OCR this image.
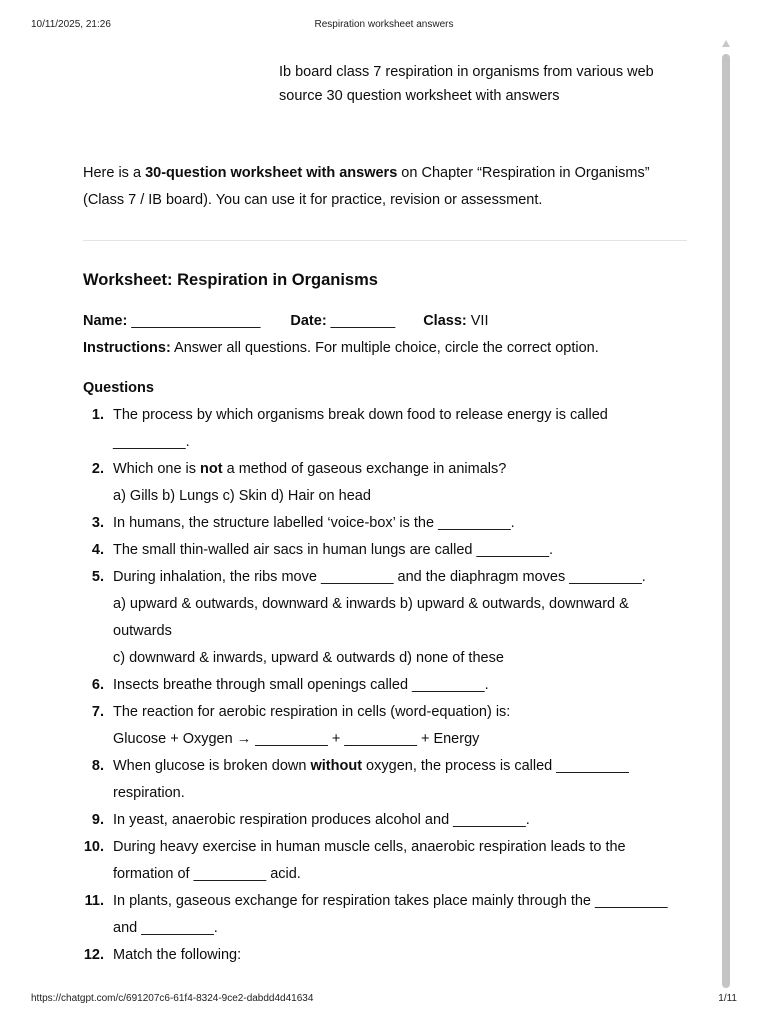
10/11/2025, 21:26	Respiration worksheet answers
Ib board class 7 respiration in organisms from various web source 30 question worksheet with answers

Here is a 30-question worksheet with answers on Chapter “Respiration in Organisms” (Class 7 / IB board). You can use it for practice, revision or assessment.

Worksheet: Respiration in Organisms
Name: ________________ Date: ________ Class: VII
Instructions: Answer all questions. For multiple choice, circle the correct option.
Questions
1. The process by which organisms break down food to release energy is called _________.
2. Which one is not a method of gaseous exchange in animals?
a) Gills b) Lungs c) Skin d) Hair on head
3. In humans, the structure labelled ‘voice-box’ is the _________.
4. The small thin-walled air sacs in human lungs are called _________.
5. During inhalation, the ribs move _________ and the diaphragm moves _________.
a) upward & outwards, downward & inwards b) upward & outwards, downward & outwards
c) downward & inwards, upward & outwards d) none of these
6. Insects breathe through small openings called _________.
7. The reaction for aerobic respiration in cells (word-equation) is:
Glucose + Oxygen → _________ + _________ + Energy
8. When glucose is broken down without oxygen, the process is called _________ respiration.
9. In yeast, anaerobic respiration produces alcohol and _________.
10. During heavy exercise in human muscle cells, anaerobic respiration leads to the formation of _________ acid.
11. In plants, gaseous exchange for respiration takes place mainly through the _________ and _________.
12. Match the following:
https://chatgpt.com/c/691207c6-61f4-8324-9ce2-dabdd4d41634	1/11
